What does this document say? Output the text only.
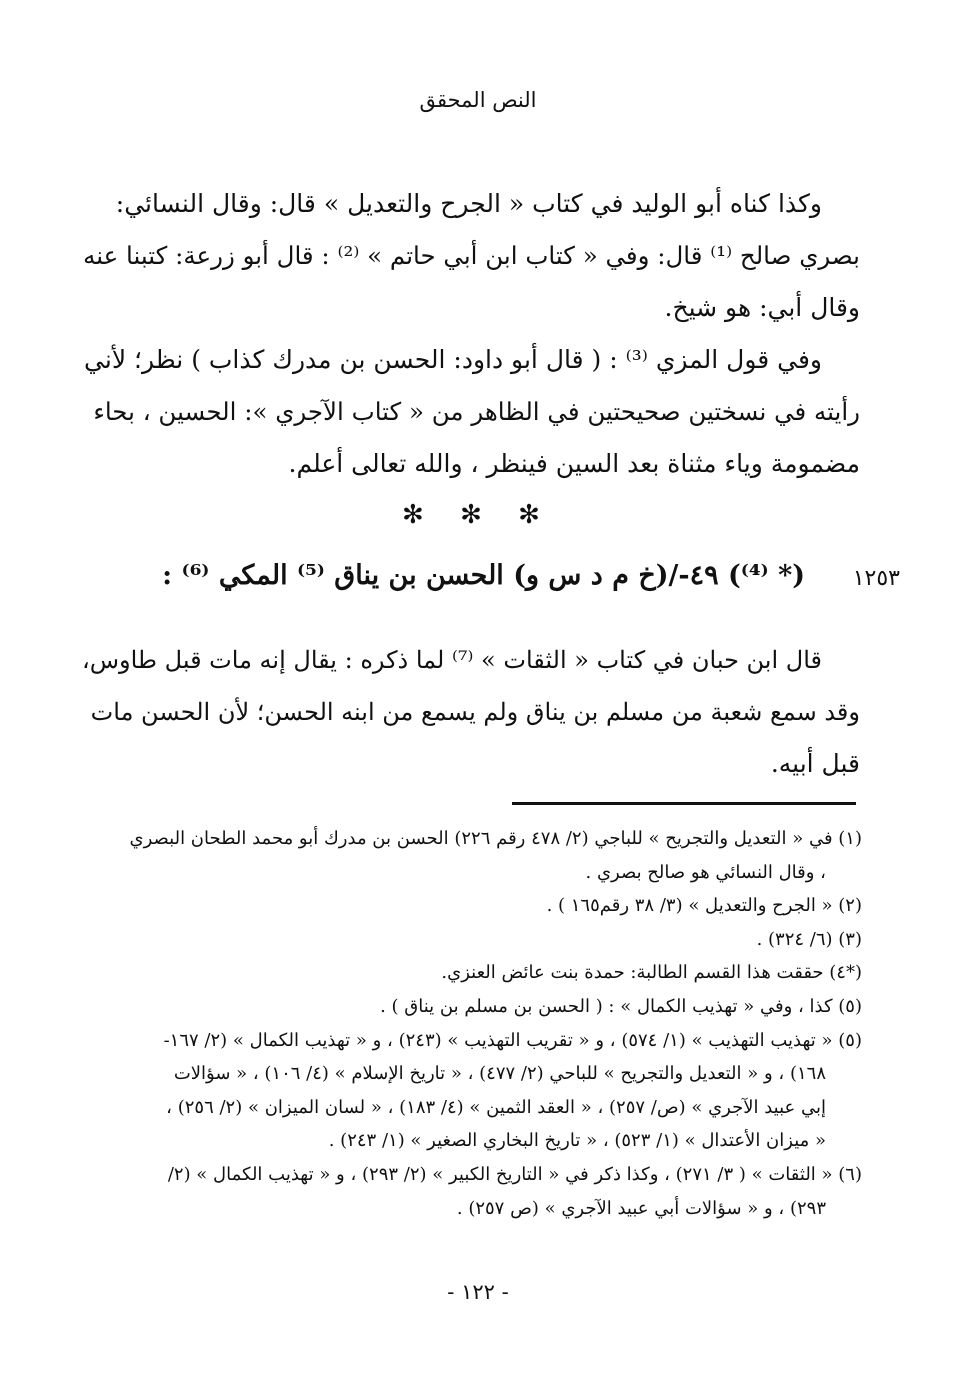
النص المحقق
وكذا كناه أبو الوليد في كتاب « الجرح والتعديل » قال: وقال النسائي:
بصري صالح ⁽¹⁾ قال: وفي « كتاب ابن أبي حاتم » ⁽²⁾ : قال أبو زرعة: كتبنا عنه
وقال أبي: هو شيخ.
وفي قول المزي ⁽³⁾ : ( قال أبو داود: الحسن بن مدرك كذاب ) نظر؛ لأني
رأيته في نسختين صحيحتين في الظاهر من « كتاب الآجري »: الحسين ، بحاء
مضمومة وياء مثناة بعد السين فينظر ، والله تعالى أعلم.
✻ ✻ ✻
١٢٥٣
(* ⁽⁴⁾) ٤٩-/(خ م د س و) الحسن بن يناق ⁽⁵⁾ المكي ⁽⁶⁾ :
قال ابن حبان في كتاب « الثقات » ⁽⁷⁾ لما ذكره : يقال إنه مات قبل طاوس،
وقد سمع شعبة من مسلم بن يناق ولم يسمع من ابنه الحسن؛ لأن الحسن مات
قبل أبيه.
(١) في « التعديل والتجريح » للباجي (٢/ ٤٧٨ رقم ٢٢٦) الحسن بن مدرك أبو محمد الطحان البصري
، وقال النسائي هو صالح بصري .
(٢) « الجرح والتعديل » (٣/ ٣٨ رقم١٦٥ ) .
(٣) (٦/ ٣٢٤) .
(*٤) حققت هذا القسم الطالبة: حمدة بنت عائض العنزي.
(٥) كذا ، وفي « تهذيب الكمال » : ( الحسن بن مسلم بن يناق ) .
(٥) « تهذيب التهذيب » (١/ ٥٧٤) ، و « تقريب التهذيب » (٢٤٣) ، و « تهذيب الكمال » (٢/ ١٦٧-
١٦٨) ، و « التعديل والتجريح » للباحي (٢/ ٤٧٧) ، « تاريخ الإسلام » (٤/ ١٠٦) ، « سؤالات
إبي عبيد الآجري » (ص/ ٢٥٧) ، « العقد الثمين » (٤/ ١٨٣) ، « لسان الميزان » (٢/ ٢٥٦) ،
« ميزان الأعتدال » (١/ ٥٢٣) ، « تاريخ البخاري الصغير » (١/ ٢٤٣) .
(٦) « الثقات » ( ٣/ ٢٧١) ، وكذا ذكر في « التاريخ الكبير » (٢/ ٢٩٣) ، و « تهذيب الكمال » (٢/
٢٩٣) ، و « سؤالات أبي عبيد الآجري » (ص ٢٥٧) .
- ١٢٢ -
